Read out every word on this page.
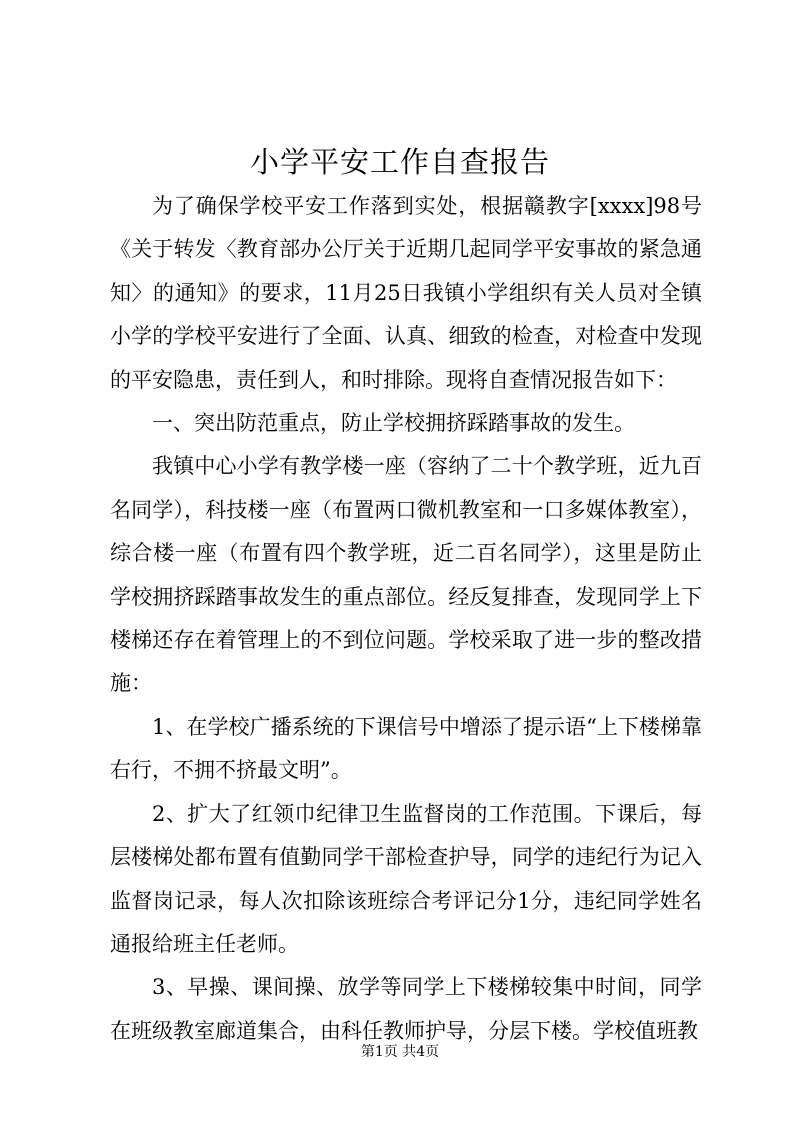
小学平安工作自查报告

为了确保学校平安工作落到实处，根据赣教字[xxxx]98号《关于转发〈教育部办公厅关于近期几起同学平安事故的紧急通知〉的通知》的要求，11月25日我镇小学组织有关人员对全镇小学的学校平安进行了全面、认真、细致的检查，对检查中发现的平安隐患，责任到人，和时排除。现将自查情况报告如下：

一、突出防范重点，防止学校拥挤踩踏事故的发生。

我镇中心小学有教学楼一座（容纳了二十个教学班，近九百名同学），科技楼一座（布置两口微机教室和一口多媒体教室），综合楼一座（布置有四个教学班，近二百名同学），这里是防止学校拥挤踩踏事故发生的重点部位。经反复排查，发现同学上下楼梯还存在着管理上的不到位问题。学校采取了进一步的整改措施：

1、在学校广播系统的下课信号中增添了提示语“上下楼梯靠右行，不拥不挤最文明”。

2、扩大了红领巾纪律卫生监督岗的工作范围。下课后，每层楼梯处都布置有值勤同学干部检查护导，同学的违纪行为记入监督岗记录，每人次扣除该班综合考评记分1分，违纪同学姓名通报给班主任老师。

3、早操、课间操、放学等同学上下楼梯较集中时间，同学在班级教室廊道集合，由科任教师护导，分层下楼。学校值班教

第1页 共4页
